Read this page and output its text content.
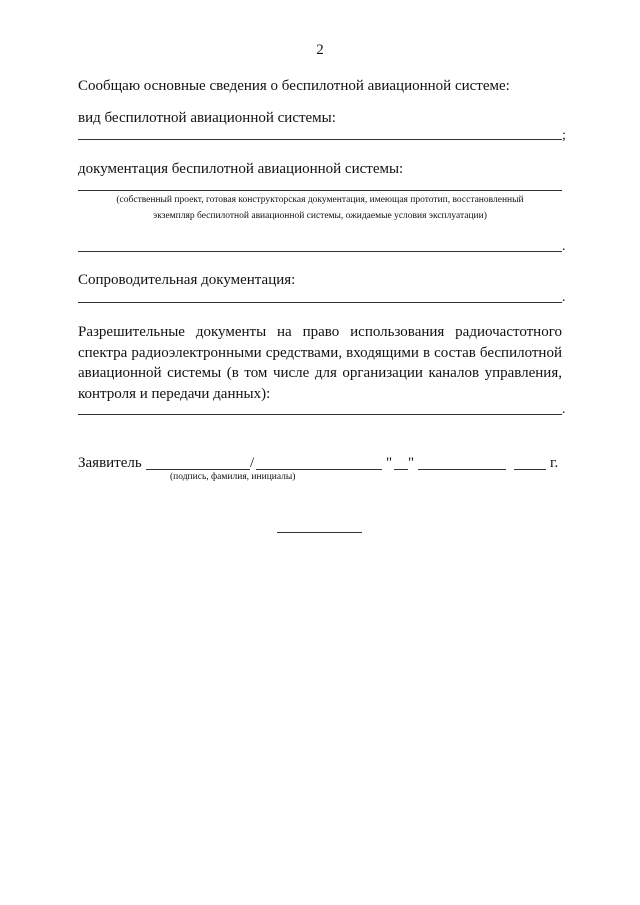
2
Сообщаю основные сведения о беспилотной авиационной системе:
вид беспилотной авиационной системы:
;
документация беспилотной авиационной системы:
(собственный проект, готовая конструкторская документация, имеющая прототип, восстановленный
экземпляр беспилотной авиационной системы, ожидаемые условия эксплуатации)
.
Сопроводительная документация:
.
Разрешительные документы на право использования радиочастотного
спектра радиоэлектронными средствами, входящими в состав беспилотной
авиационной системы (в том числе для организации каналов управления,
контроля и передачи данных):
.
Заявитель	/	" "	г.
(подпись, фамилия, инициалы)
